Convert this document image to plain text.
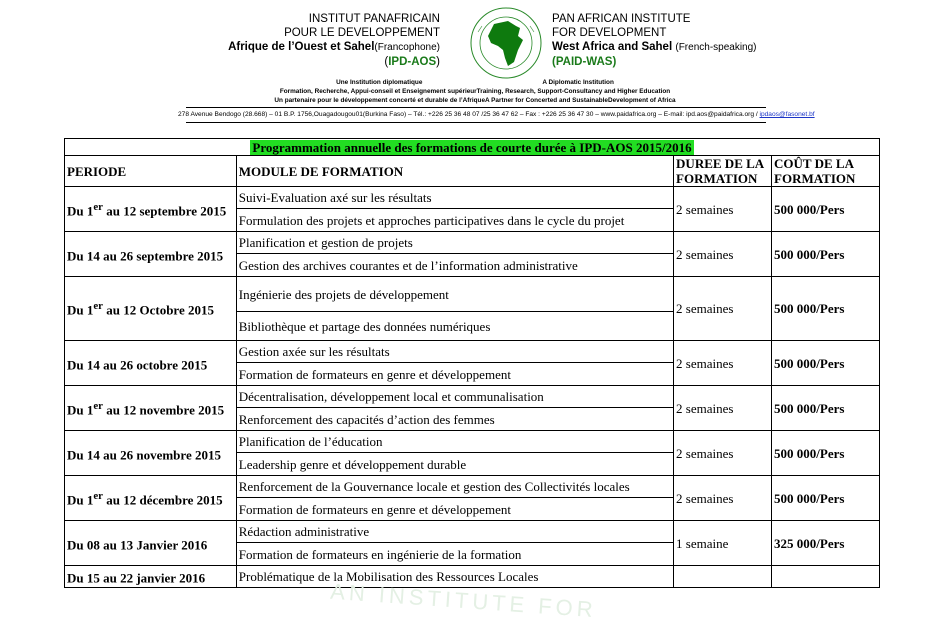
INSTITUT PANAFRICAIN
POUR LE DEVELOPPEMENT
Afrique de l’Ouest et Sahel(Francophone)
(IPD-AOS)
PAN AFRICAN INSTITUTE
FOR DEVELOPMENT
West Africa and Sahel (French-speaking)
(PAID-WAS)
Une Institution diplomatique	A Diplomatic Institution
Formation, Recherche, Appui-conseil et Enseignement supérieurTraining, Research, Support-Consultancy and Higher Education
Un partenaire pour le développement concerté et durable de l’AfriqueA Partner for Concerted and SustainableDevelopment of Africa
278 Avenue Bendogo (28.668) – 01 B.P. 1756,Ouagadougou01(Burkina Faso) – Tél.: +226 25 36 48 07 /25 36 47 62 – Fax : +226 25 36 47 30 – www.paidafrica.org – E-mail: ipd.aos@paidafrica.org / ipdaos@fasonet.bf
Programmation annuelle des formations de courte durée à IPD-AOS 2015/2016			
PERIODE	MODULE DE FORMATION	DUREE DE LA FORMATION	COÛT DE LA FORMATION
Du 1er au 12 septembre 2015	Suivi-Evaluation axé sur les résultats	2 semaines	500 000/Pers
	Formulation des projets et approches participatives dans le cycle du projet		
Du 14 au 26 septembre 2015	Planification et gestion de projets	2 semaines	500 000/Pers
	Gestion des archives courantes et de l’information administrative		
Du 1er au 12 Octobre 2015	Ingénierie des projets de développement	2 semaines	500 000/Pers
	Bibliothèque et partage des données numériques		
Du 14 au 26 octobre 2015	Gestion axée sur les résultats	2 semaines	500 000/Pers
	Formation de formateurs en genre et développement		
Du 1er au 12 novembre 2015	Décentralisation, développement local et communalisation	2 semaines	500 000/Pers
	Renforcement des capacités d’action des femmes		
Du 14 au 26 novembre 2015	Planification de l’éducation	2 semaines	500 000/Pers
	Leadership genre et développement durable		
Du 1er au 12 décembre 2015	Renforcement de la Gouvernance locale et gestion des Collectivités locales	2 semaines	500 000/Pers
	Formation de formateurs en genre et développement		
Du 08 au 13 Janvier 2016	Rédaction administrative	1 semaine	325 000/Pers
	Formation de formateurs en ingénierie de la formation		
Du 15 au 22 janvier 2016	Problématique de la Mobilisation des Ressources Locales		
AN INSTITUTE FOR
